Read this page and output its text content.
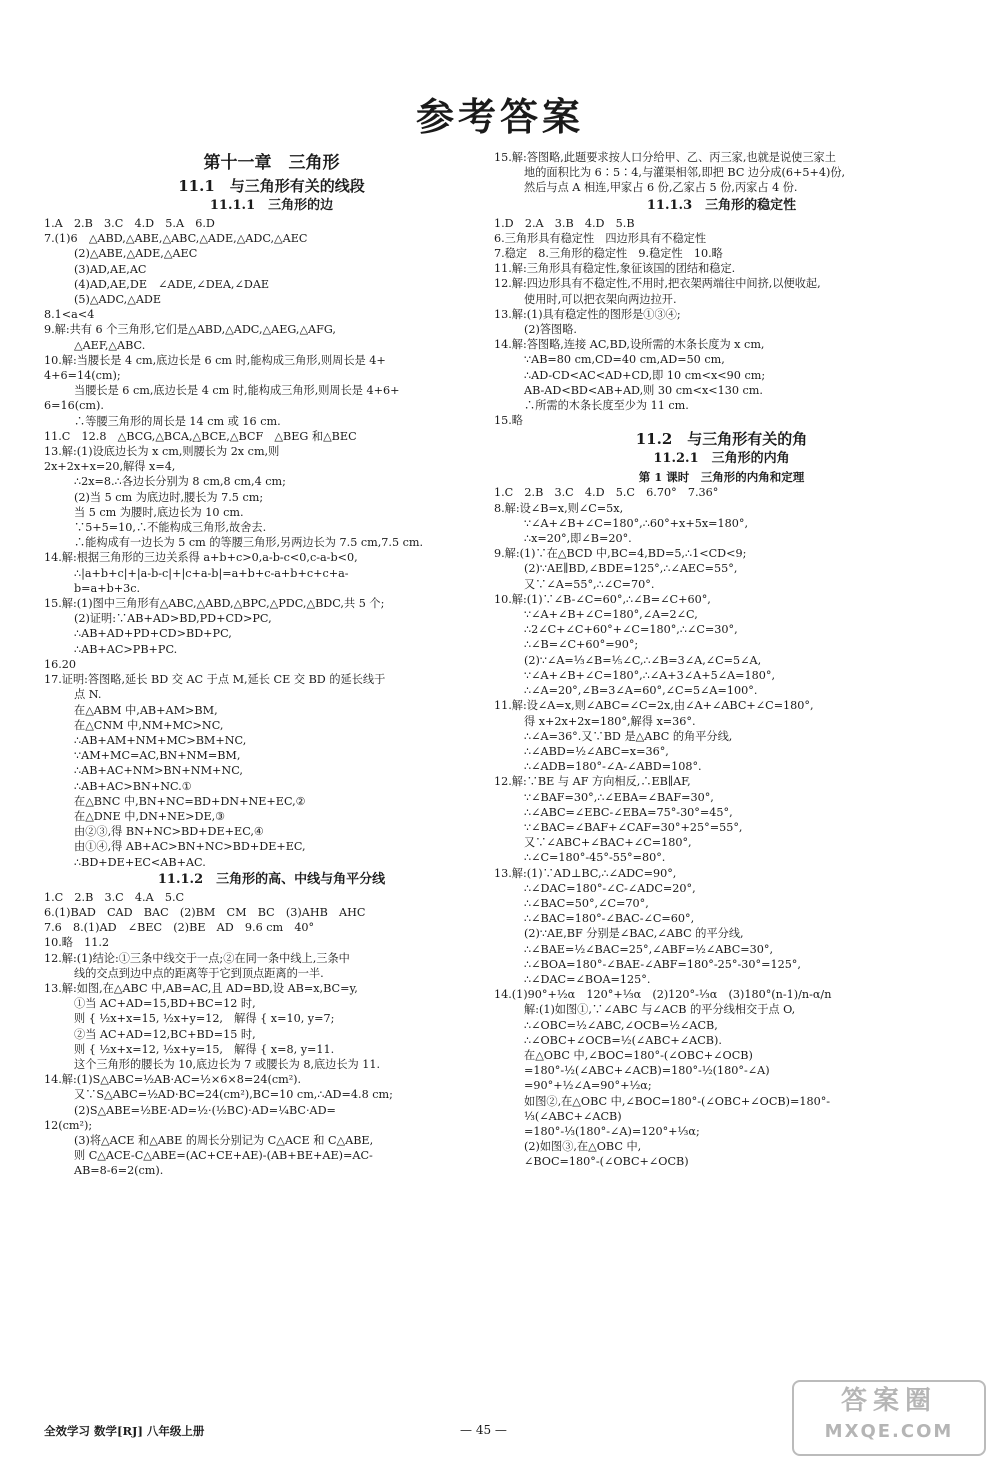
参考答案
第十一章　三角形
11.1　与三角形有关的线段
11.1.1　三角形的边
1.A　2.B　3.C　4.D　5.A　6.D
7.(1)6　△ABD,△ABE,△ABC,△ADE,△ADC,△AEC
(2)△ABE,△ADE,△AEC
(3)AD,AE,AC
(4)AD,AE,DE　∠ADE,∠DEA,∠DAE
(5)△ADC,△ADE
8.1<a<4
9.解:共有 6 个三角形,它们是△ABD,△ADC,△AEG,△AFG,
△AEF,△ABC.
10.解:当腰长是 4 cm,底边长是 6 cm 时,能构成三角形,则周长是 4+
4+6=14(cm);
当腰长是 6 cm,底边长是 4 cm 时,能构成三角形,则周长是 4+6+
6=16(cm).
∴等腰三角形的周长是 14 cm 或 16 cm.
11.C　12.8　△BCG,△BCA,△BCE,△BCF　△BEG 和△BEC
13.解:(1)设底边长为 x cm,则腰长为 2x cm,则
2x+2x+x=20,解得 x=4,
∴2x=8.∴各边长分别为 8 cm,8 cm,4 cm;
(2)当 5 cm 为底边时,腰长为 7.5 cm;
当 5 cm 为腰时,底边长为 10 cm.
∵5+5=10,∴不能构成三角形,故舍去.
∴能构成有一边长为 5 cm 的等腰三角形,另两边长为 7.5 cm,7.5 cm.
14.解:根据三角形的三边关系得 a+b+c>0,a-b-c<0,c-a-b<0,
∴|a+b+c|+|a-b-c|+|c+a-b|=a+b+c-a+b+c+c+a-
b=a+b+3c.
15.解:(1)图中三角形有△ABC,△ABD,△BPC,△PDC,△BDC,共 5 个;
(2)证明:∵AB+AD>BD,PD+CD>PC,
∴AB+AD+PD+CD>BD+PC,
∴AB+AC>PB+PC.
16.20
17.证明:答图略,延长 BD 交 AC 于点 M,延长 CE 交 BD 的延长线于
点 N.
在△ABM 中,AB+AM>BM,
在△CNM 中,NM+MC>NC,
∴AB+AM+NM+MC>BM+NC,
∵AM+MC=AC,BN+NM=BM,
∴AB+AC+NM>BN+NM+NC,
∴AB+AC>BN+NC.①
在△BNC 中,BN+NC=BD+DN+NE+EC,②
在△DNE 中,DN+NE>DE,③
由②③,得 BN+NC>BD+DE+EC,④
由①④,得 AB+AC>BN+NC>BD+DE+EC,
∴BD+DE+EC<AB+AC.
11.1.2　三角形的高、中线与角平分线
1.C　2.B　3.C　4.A　5.C
6.(1)BAD　CAD　BAC　(2)BM　CM　BC　(3)AHB　AHC
7.6　8.(1)AD　∠BEC　(2)BE　AD　9.6 cm　40°
10.略　11.2
12.解:(1)结论:①三条中线交于一点;②在同一条中线上,三条中
线的交点到边中点的距离等于它到顶点距离的一半.
13.解:如图,在△ABC 中,AB=AC,且 AD=BD,设 AB=x,BC=y,
①当 AC+AD=15,BD+BC=12 时,
则 { ½x+x=15, ½x+y=12,　解得 { x=10, y=7;
②当 AC+AD=12,BC+BD=15 时,
则 { ½x+x=12, ½x+y=15,　解得 { x=8, y=11.
这个三角形的腰长为 10,底边长为 7 或腰长为 8,底边长为 11.
14.解:(1)S△ABC=½AB·AC=½×6×8=24(cm²).
又∵S△ABC=½AD·BC=24(cm²),BC=10 cm,∴AD=4.8 cm;
(2)S△ABE=½BE·AD=½·(½BC)·AD=¼BC·AD=
12(cm²);
(3)将△ACE 和△ABE 的周长分别记为 C△ACE 和 C△ABE,
则 C△ACE-C△ABE=(AC+CE+AE)-(AB+BE+AE)=AC-
AB=8-6=2(cm).
15.解:答图略,此题要求按人口分给甲、乙、丙三家,也就是说使三家土
地的面积比为 6∶5∶4,与灌渠相邻,即把 BC 边分成(6+5+4)份,
然后与点 A 相连,甲家占 6 份,乙家占 5 份,丙家占 4 份.
11.1.3　三角形的稳定性
1.D　2.A　3.B　4.D　5.B
6.三角形具有稳定性　四边形具有不稳定性
7.稳定　8.三角形的稳定性　9.稳定性　10.略
11.解:三角形具有稳定性,象征该国的团结和稳定.
12.解:四边形具有不稳定性,不用时,把衣架两端往中间挤,以便收起,
使用时,可以把衣架向两边拉开.
13.解:(1)具有稳定性的图形是①③④;
(2)答图略.
14.解:答图略,连接 AC,BD,设所需的木条长度为 x cm,
∵AB=80 cm,CD=40 cm,AD=50 cm,
∴AD-CD<AC<AD+CD,即 10 cm<x<90 cm;
AB-AD<BD<AB+AD,则 30 cm<x<130 cm.
∴所需的木条长度至少为 11 cm.
15.略
11.2　与三角形有关的角
11.2.1　三角形的内角
第 1 课时　三角形的内角和定理
1.C　2.B　3.C　4.D　5.C　6.70°　7.36°
8.解:设∠B=x,则∠C=5x,
∵∠A+∠B+∠C=180°,∴60°+x+5x=180°,
∴x=20°,即∠B=20°.
9.解:(1)∵在△BCD 中,BC=4,BD=5,∴1<CD<9;
(2)∵AE∥BD,∠BDE=125°,∴∠AEC=55°,
又∵∠A=55°,∴∠C=70°.
10.解:(1)∵∠B-∠C=60°,∴∠B=∠C+60°,
∵∠A+∠B+∠C=180°,∠A=2∠C,
∴2∠C+∠C+60°+∠C=180°,∴∠C=30°,
∴∠B=∠C+60°=90°;
(2)∵∠A=⅓∠B=⅕∠C,∴∠B=3∠A,∠C=5∠A,
∵∠A+∠B+∠C=180°,∴∠A+3∠A+5∠A=180°,
∴∠A=20°,∠B=3∠A=60°,∠C=5∠A=100°.
11.解:设∠A=x,则∠ABC=∠C=2x,由∠A+∠ABC+∠C=180°,
得 x+2x+2x=180°,解得 x=36°.
∴∠A=36°.又∵BD 是△ABC 的角平分线,
∴∠ABD=½∠ABC=x=36°,
∴∠ADB=180°-∠A-∠ABD=108°.
12.解:∵BE 与 AF 方向相反,∴EB∥AF,
∵∠BAF=30°,∴∠EBA=∠BAF=30°,
∴∠ABC=∠EBC-∠EBA=75°-30°=45°,
∵∠BAC=∠BAF+∠CAF=30°+25°=55°,
又∵∠ABC+∠BAC+∠C=180°,
∴∠C=180°-45°-55°=80°.
13.解:(1)∵AD⊥BC,∴∠ADC=90°,
∴∠DAC=180°-∠C-∠ADC=20°,
∴∠BAC=50°,∠C=70°,
∴∠BAC=180°-∠BAC-∠C=60°,
(2)∵AE,BF 分别是∠BAC,∠ABC 的平分线,
∴∠BAE=½∠BAC=25°,∠ABF=½∠ABC=30°,
∴∠BOA=180°-∠BAE-∠ABF=180°-25°-30°=125°,
∴∠DAC=∠BOA=125°.
14.(1)90°+½α　120°+⅓α　(2)120°-⅓α　(3)180°(n-1)/n-α/n
解:(1)如图①,∵∠ABC 与∠ACB 的平分线相交于点 O,
∴∠OBC=½∠ABC,∠OCB=½∠ACB,
∴∠OBC+∠OCB=½(∠ABC+∠ACB).
在△OBC 中,∠BOC=180°-(∠OBC+∠OCB)
=180°-½(∠ABC+∠ACB)=180°-½(180°-∠A)
=90°+½∠A=90°+½α;
如图②,在△OBC 中,∠BOC=180°-(∠OBC+∠OCB)=180°-
⅓(∠ABC+∠ACB)
=180°-⅓(180°-∠A)=120°+⅓α;
(2)如图③,在△OBC 中,
∠BOC=180°-(∠OBC+∠OCB)
全效学习 数学[RJ] 八年级上册	— 45 —
答案圈
MXQE.COM
